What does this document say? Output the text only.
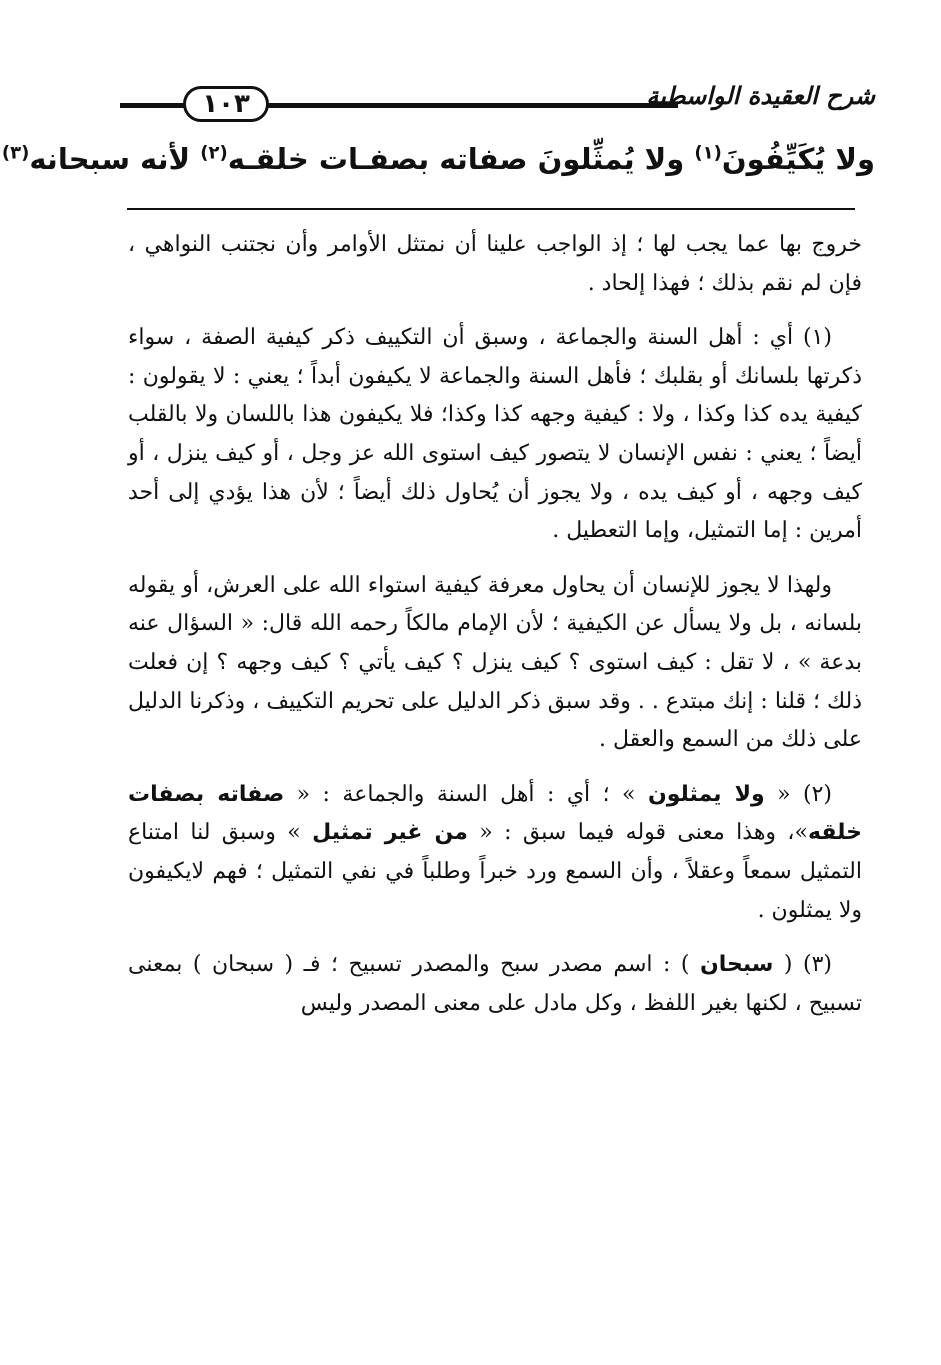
١٠٣	شرح العقيدة الواسطية
ولا يُكَيِّفُونَ$^{(١)}$ ولا يُمثِّلونَ صفاته بصفـات خلقـه$^{(٢)}$ لأنه سبحانه$^{(٣)}$

خروج بها عما يجب لها ؛ إذ الواجب علينا أن نمتثل الأوامر وأن نجتنب النواهي ، فإن لم نقم بذلك ؛ فهذا إلحاد .

(١) أي : أهل السنة والجماعة ، وسبق أن التكييف ذكر كيفية الصفة ، سواء ذكرتها بلسانك أو بقلبك ؛ فأهل السنة والجماعة لا يكيفون أبداً ؛ يعني : لا يقولون : كيفية يده كذا وكذا ، ولا : كيفية وجهه كذا وكذا؛ فلا يكيفون هذا باللسان ولا بالقلب أيضاً ؛ يعني : نفس الإنسان لا يتصور كيف استوى الله عز وجل ، أو كيف ينزل ، أو كيف وجهه ، أو كيف يده ، ولا يجوز أن يُحاول ذلك أيضاً ؛ لأن هذا يؤدي إلى أحد أمرين : إما التمثيل، وإما التعطيل .

ولهذا لا يجوز للإنسان أن يحاول معرفة كيفية استواء الله على العرش، أو يقوله بلسانه ، بل ولا يسأل عن الكيفية ؛ لأن الإمام مالكاً رحمه الله قال: « السؤال عنه بدعة » ، لا تقل : كيف استوى ؟ كيف ينزل ؟ كيف يأتي ؟ كيف وجهه ؟ إن فعلت ذلك ؛ قلنا : إنك مبتدع . . وقد سبق ذكر الدليل على تحريم التكييف ، وذكرنا الدليل على ذلك من السمع والعقل .

(٢) « ولا يمثلون » ؛ أي : أهل السنة والجماعة : « صفاته بصفات خلقه»، وهذا معنى قوله فيما سبق : « من غير تمثيل » وسبق لنا امتناع التمثيل سمعاً وعقلاً ، وأن السمع ورد خبراً وطلباً في نفي التمثيل ؛ فهم لايكيفون ولا يمثلون .

(٣) ( سبحان ) : اسم مصدر سبح والمصدر تسبيح ؛ فـ ( سبحان ) بمعنى تسبيح ، لكنها بغير اللفظ ، وكل مادل على معنى المصدر وليس
